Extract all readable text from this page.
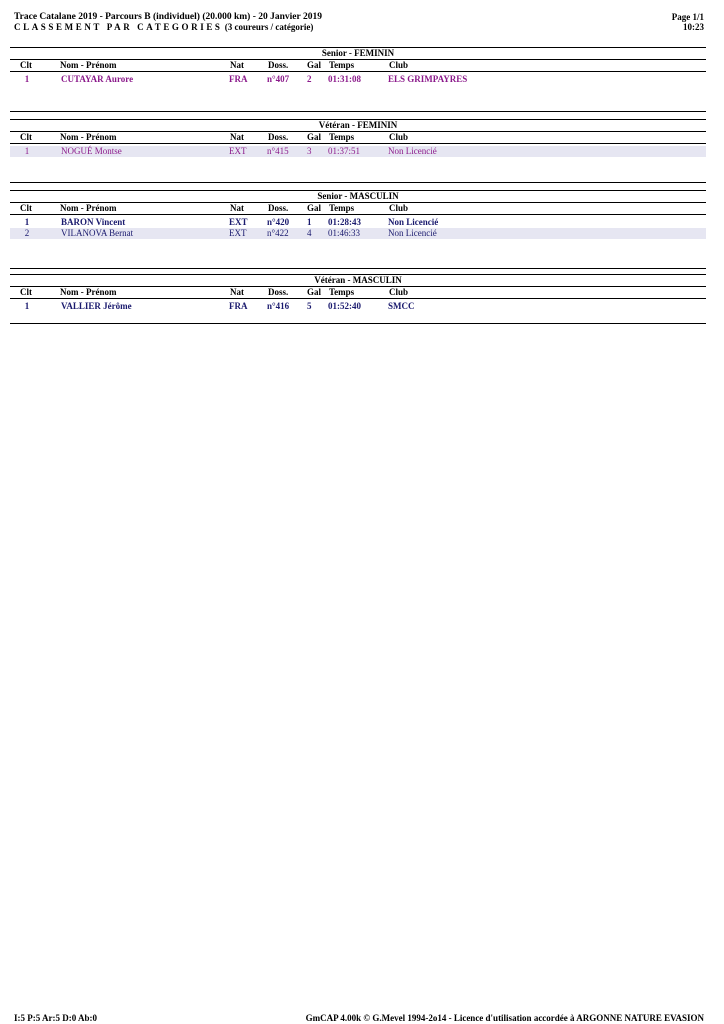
Trace Catalane 2019 - Parcours B (individuel) (20.000 km) - 20 Janvier 2019
CLASSEMENT PAR CATEGORIES (3 coureurs / catégorie)
Page 1/1
10:23
Senior - FEMININ
Clt	Nom - Prénom	Nat	Doss. Gal Temps	Club
1	CUTAYAR Aurore	FRA n°407 2 01:31:08	ELS GRIMPAYRES
Vétéran - FEMININ
Clt	Nom - Prénom	Nat	Doss. Gal Temps	Club
1	NOGUÉ Montse	EXT n°415 3 01:37:51	Non Licencié
Senior - MASCULIN
Clt	Nom - Prénom	Nat	Doss. Gal Temps	Club
1	BARON Vincent	EXT n°420 1 01:28:43	Non Licencié
2	VILANOVA Bernat	EXT n°422 4 01:46:33	Non Licencié
Vétéran - MASCULIN
Clt	Nom - Prénom	Nat	Doss. Gal Temps	Club
1	VALLIER Jérôme	FRA n°416 5 01:52:40	SMCC
I:5 P:5 Ar:5 D:0 Ab:0	GmCAP 4.00k © G.Mevel 1994-2o14 - Licence d'utilisation accordée à ARGONNE NATURE EVASION
